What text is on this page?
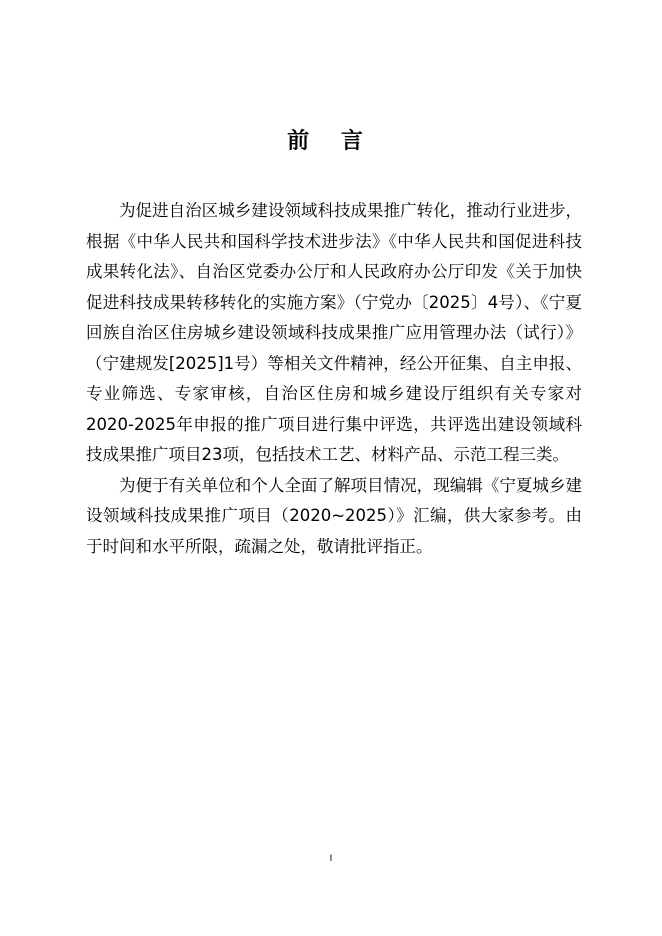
前 言

为促进自治区城乡建设领域科技成果推广转化，推动行业进步，根据《中华人民共和国科学技术进步法》《中华人民共和国促进科技成果转化法》、自治区党委办公厅和人民政府办公厅印发《关于加快促进科技成果转移转化的实施方案》（宁党办〔2025〕4号）、《宁夏回族自治区住房城乡建设领域科技成果推广应用管理办法（试行）》（宁建规发[2025]1号）等相关文件精神，经公开征集、自主申报、专业筛选、专家审核，自治区住房和城乡建设厅组织有关专家对2020-2025年申报的推广项目进行集中评选，共评选出建设领域科技成果推广项目23项，包括技术工艺、材料产品、示范工程三类。

为便于有关单位和个人全面了解项目情况，现编辑《宁夏城乡建设领域科技成果推广项目（2020~2025）》汇编，供大家参考。由于时间和水平所限，疏漏之处，敬请批评指正。

I
